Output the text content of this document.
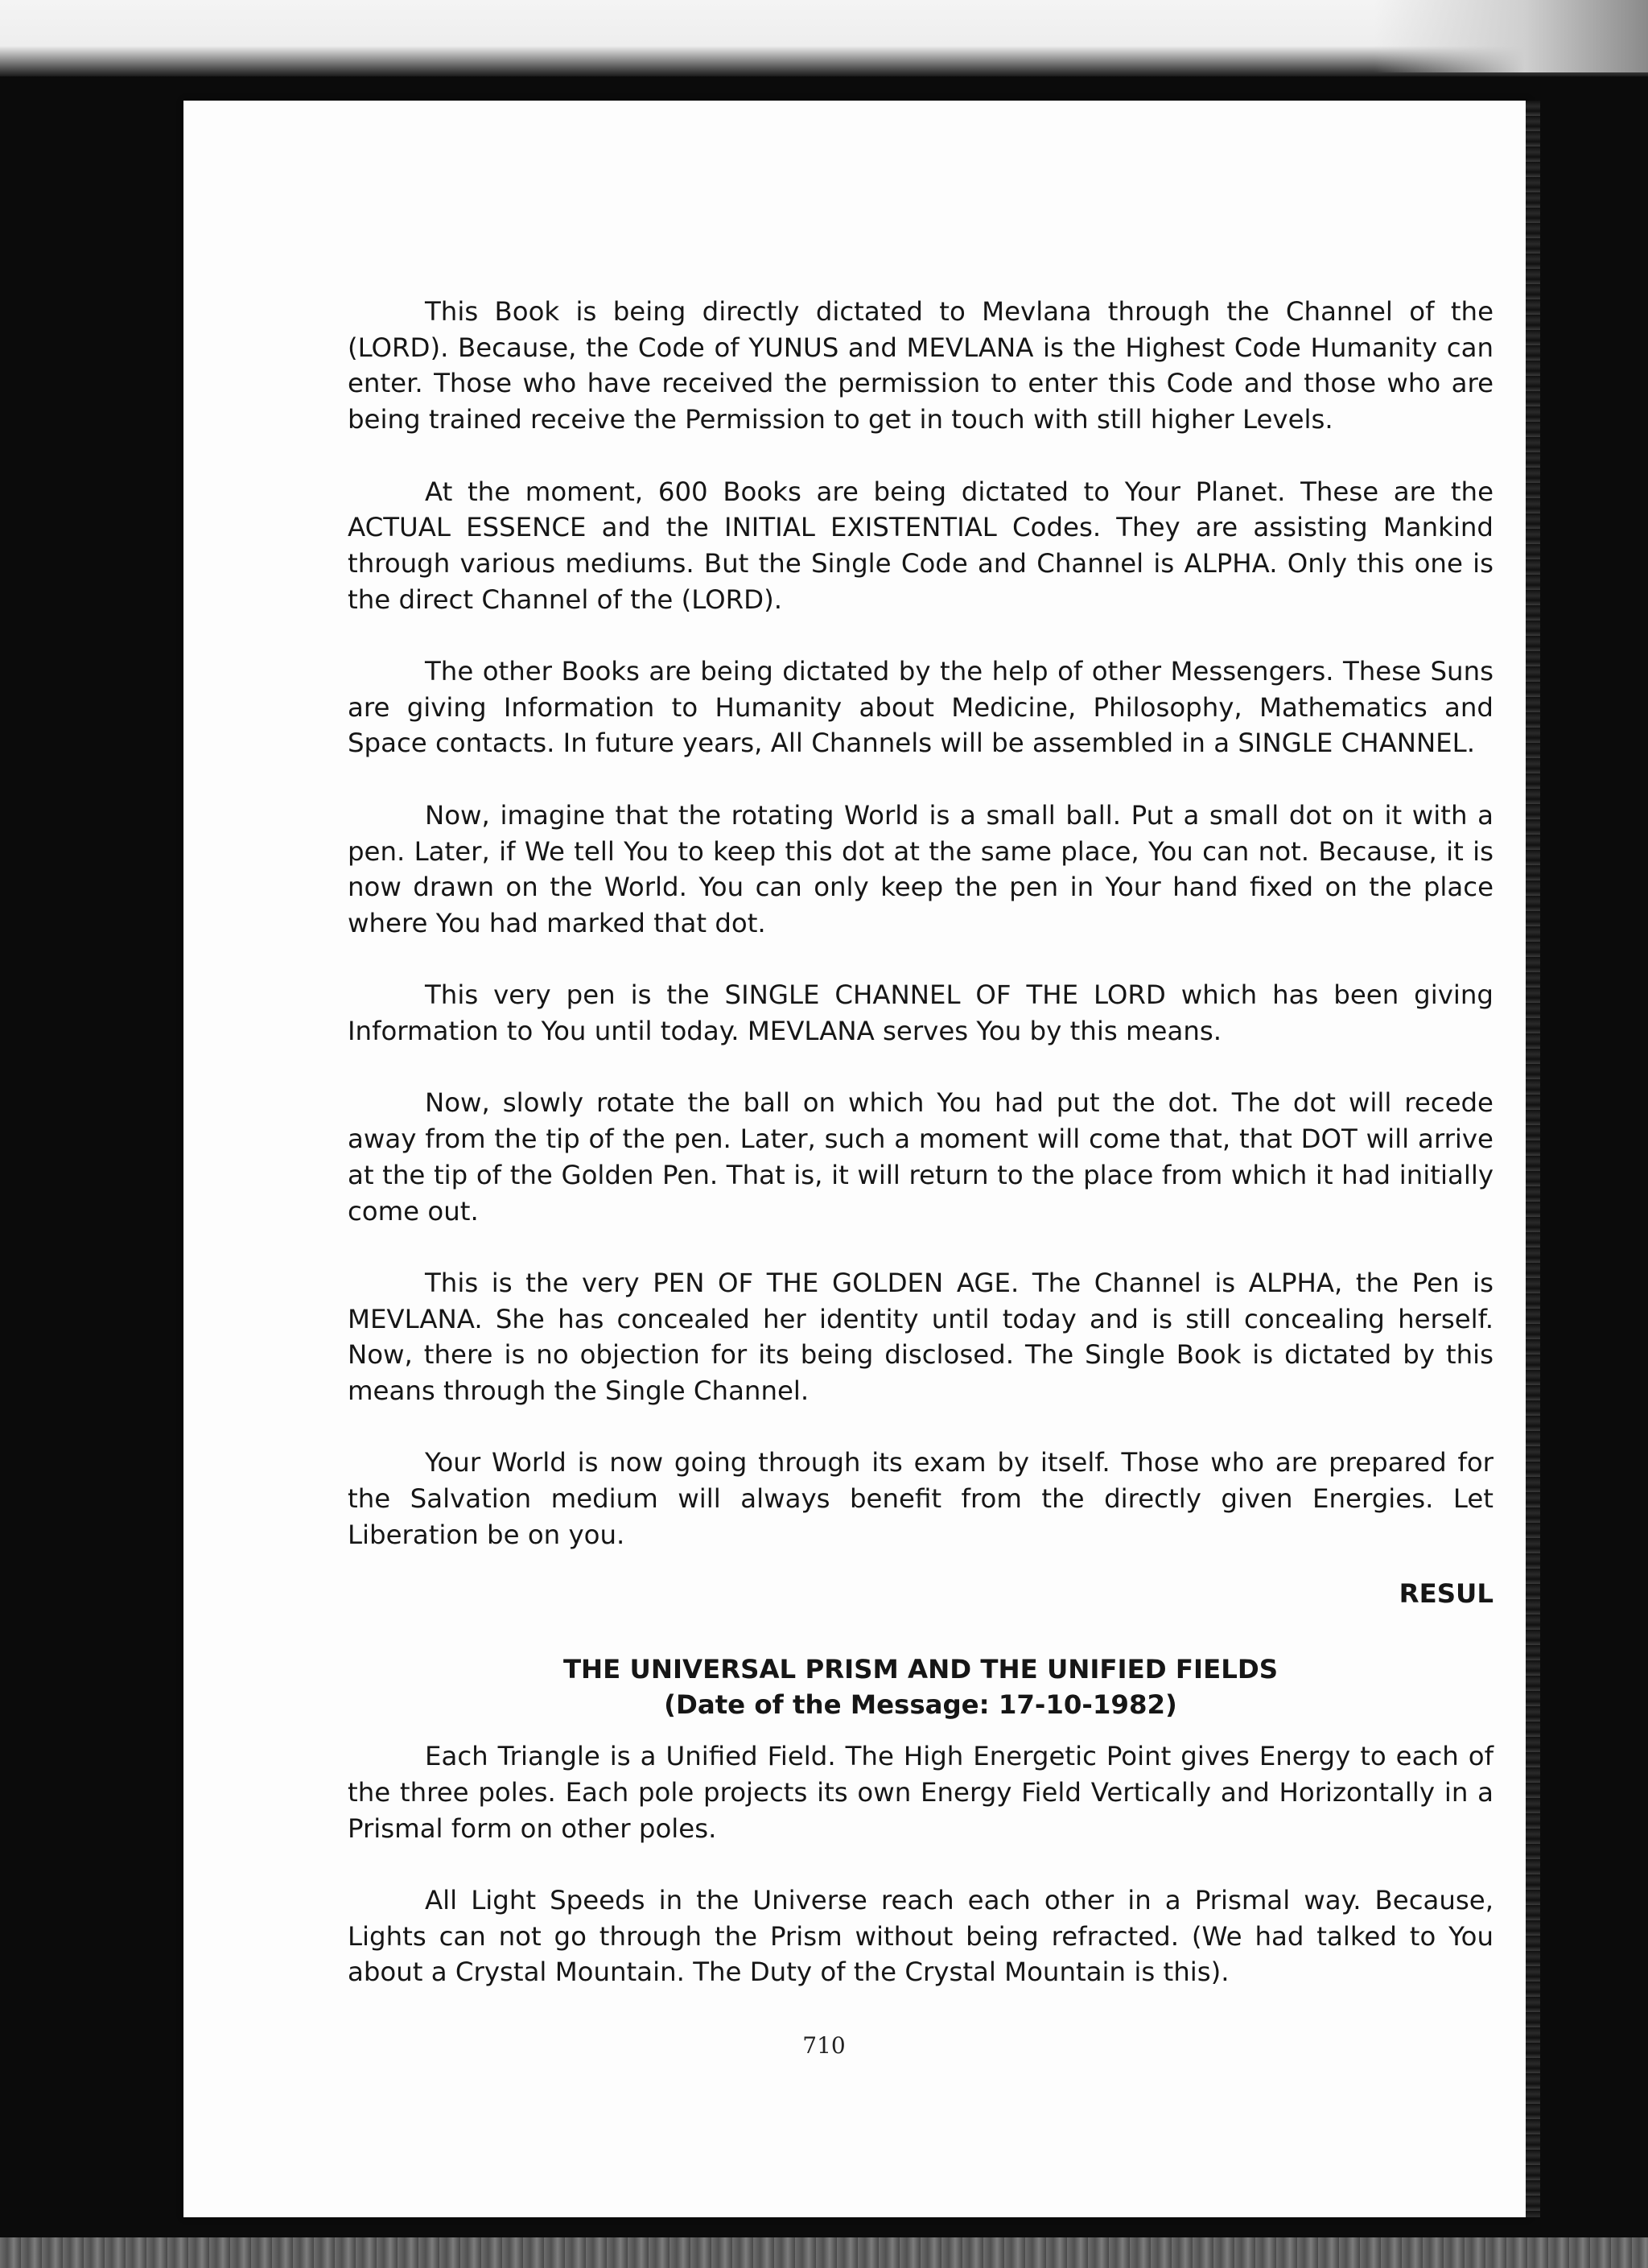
This Book is being directly dictated to Mevlana through the Channel of the (LORD). Because, the Code of YUNUS and MEVLANA is the Highest Code Humanity can enter. Those who have received the permission to enter this Code and those who are being trained receive the Permission to get in touch with still higher Levels.

At the moment, 600 Books are being dictated to Your Planet. These are the ACTUAL ESSENCE and the INITIAL EXISTENTIAL Codes. They are assisting Mankind through various mediums. But the Single Code and Channel is ALPHA. Only this one is the direct Channel of the (LORD).

The other Books are being dictated by the help of other Messengers. These Suns are giving Information to Humanity about Medicine, Philosophy, Mathematics and Space contacts. In future years, All Channels will be assembled in a SINGLE CHANNEL.

Now, imagine that the rotating World is a small ball. Put a small dot on it with a pen. Later, if We tell You to keep this dot at the same place, You can not. Because, it is now drawn on the World. You can only keep the pen in Your hand fixed on the place where You had marked that dot.

This very pen is the SINGLE CHANNEL OF THE LORD which has been giving Information to You until today. MEVLANA serves You by this means.

Now, slowly rotate the ball on which You had put the dot. The dot will recede away from the tip of the pen. Later, such a moment will come that, that DOT will arrive at the tip of the Golden Pen. That is, it will return to the place from which it had initially come out.

This is the very PEN OF THE GOLDEN AGE. The Channel is ALPHA, the Pen is MEVLANA. She has concealed her identity until today and is still concealing herself. Now, there is no objection for its being disclosed. The Single Book is dictated by this means through the Single Channel.

Your World is now going through its exam by itself. Those who are prepared for the Salvation medium will always benefit from the directly given Energies. Let Liberation be on you.

RESUL
THE UNIVERSAL PRISM AND THE UNIFIED FIELDS
(Date of the Message: 17-10-1982)

Each Triangle is a Unified Field. The High Energetic Point gives Energy to each of the three poles. Each pole projects its own Energy Field Vertically and Horizontally in a Prismal form on other poles.

All Light Speeds in the Universe reach each other in a Prismal way. Because, Lights can not go through the Prism without being refracted. (We had talked to You about a Crystal Mountain. The Duty of the Crystal Mountain is this).

710
